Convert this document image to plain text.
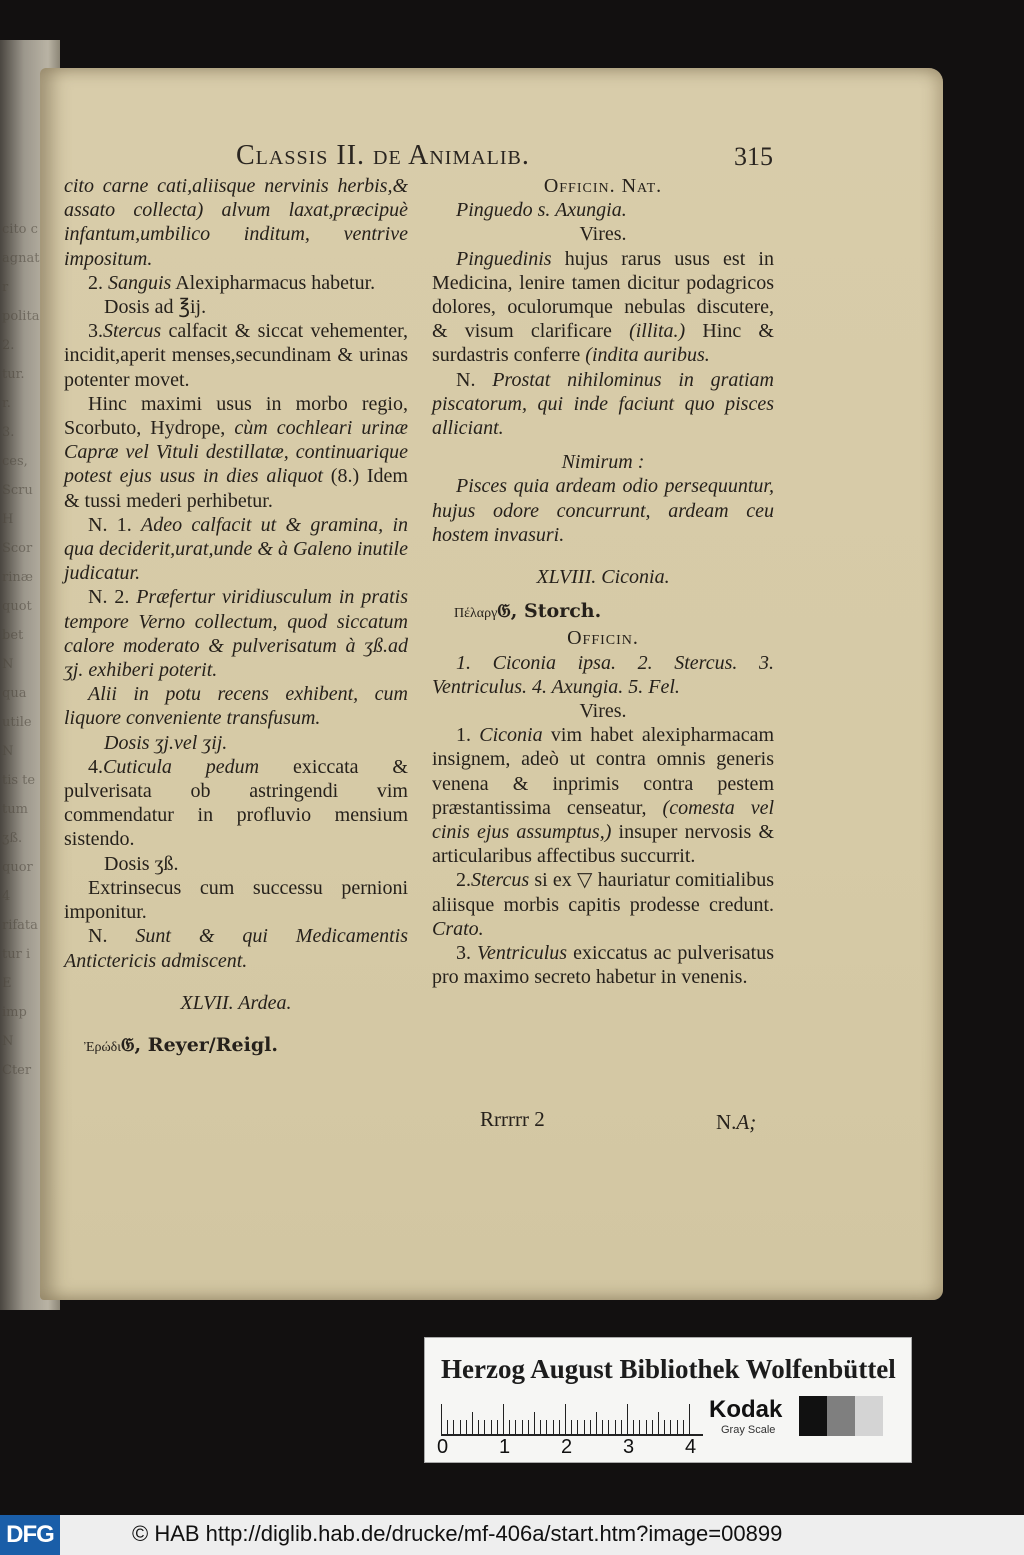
cito c
agnat
r
polita
2.
tur.
r.
3.
ces,
Scru
H
Scor
rinæ
quot
bet
N
qua
utile
N
tis te
tum
ʒß.
quor
4
rifata
tur i
E
imp
N
Cter
Classis II. de Animalib.	315

cito carne cati,aliisque nervinis herbis,& assato collecta) alvum laxat,præcipuè infantum,umbilico inditum, ventrive impositum.

2. Sanguis Alexipharmacus habetur.

Dosis ad ℥ij.

3.Stercus calfacit & siccat vehementer, incidit,aperit menses,secundinam & urinas potenter movet.

Hinc maximi usus in morbo regio, Scorbuto, Hydrope, cùm cochleari urinæ Capræ vel Vituli destillatæ, continuarique potest ejus usus in dies aliquot (8.) Idem & tussi mederi perhibetur.

N. 1. Adeo calfacit ut & gramina, in qua deciderit,urat,unde & à Galeno inutile judicatur.

N. 2. Præfertur viridiusculum in pratis tempore Verno collectum, quod siccatum calore moderato & pulverisatum à ʒß.ad ʒj. exhiberi poterit.

Alii in potu recens exhibent, cum liquore conveniente transfusum.

Dosis ʒj.vel ʒij.

4.Cuticula pedum exiccata & pulverisata ob astringendi vim commendatur in profluvio mensium sistendo.

Dosis ʒß.

Extrinsecus cum successu pernioni imponitur.

N. Sunt & qui Medicamentis Antictericis admiscent.

XLVII. Ardea.

Ἐρώδι𝔊, Reyer/Reigl.

Officin. Nat.

Pinguedo s. Axungia.

Vires.

Pinguedinis hujus rarus usus est in Medicina, lenire tamen dicitur podagricos dolores, oculorumque nebulas discutere, & visum clarificare (illita.) Hinc & surdastris conferre (indita auribus.

N. Prostat nihilominus in gratiam piscatorum, qui inde faciunt quo pisces alliciant.

Nimirum :

Pisces quia ardeam odio persequuntur, hujus odore concurrunt, ardeam ceu hostem invasuri.

XLVIII. Ciconia.

Πέλαργ𝔊, Storch.

Officin.

1. Ciconia ipsa. 2. Stercus. 3. Ventriculus. 4. Axungia. 5. Fel.

Vires.

1. Ciconia vim habet alexipharmacam insignem, adeò ut contra omnis generis venena & inprimis contra pestem præstantissima censeatur, (comesta vel cinis ejus assumptus,) insuper nervosis & articularibus affectibus succurrit.

2.Stercus si ex ▽ hauriatur comitialibus aliisque morbis capitis prodesse credunt. Crato.

3. Ventriculus exiccatus ac pulverisatus pro maximo secreto habetur in venenis.

Rrrrrr 2	N.A;
Herzog August Bibliothek Wolfenbüttel
0	1	2	3	4
Kodak
Gray Scale
DFG	© HAB http://diglib.hab.de/drucke/mf-406a/start.htm?image=00899
